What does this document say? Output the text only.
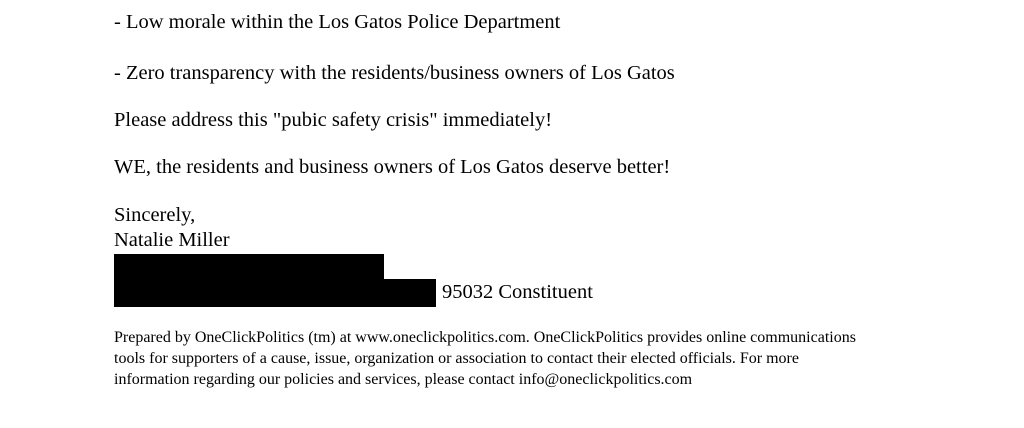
- Low morale within the Los Gatos Police Department
- Zero transparency with the residents/business owners of Los Gatos
Please address this "pubic safety crisis" immediately!
WE, the residents and business owners of Los Gatos deserve better!
Sincerely,
Natalie Miller
95032 Constituent
Prepared by OneClickPolitics (tm) at www.oneclickpolitics.com. OneClickPolitics provides online communications
tools for supporters of a cause, issue, organization or association to contact their elected officials. For more
information regarding our policies and services, please contact info@oneclickpolitics.com
